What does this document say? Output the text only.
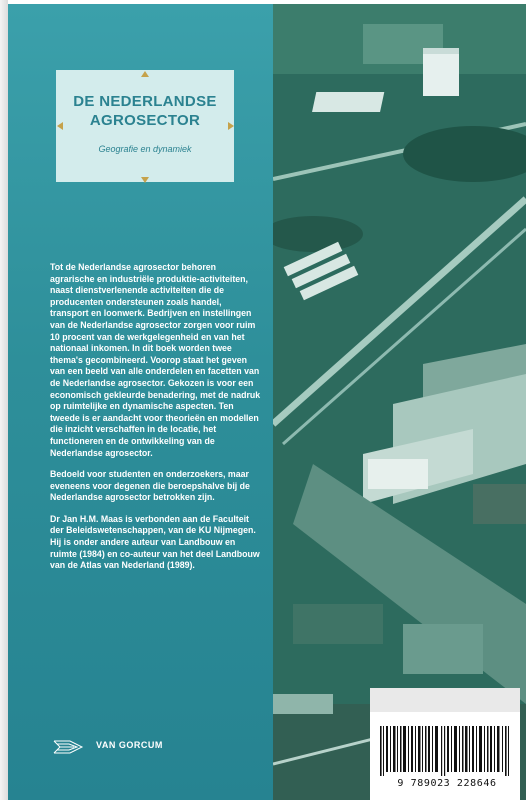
DE NEDERLANDSE
AGROSECTOR
Geografie en dynamiek

Tot de Nederlandse agrosector behoren agrarische en industriële produktie-activiteiten, naast dienstverlenende activiteiten die de producenten ondersteunen zoals handel, transport en loonwerk. Bedrijven en instellingen van de Nederlandse agrosector zorgen voor ruim 10 procent van de werkgelegenheid en van het nationaal inkomen. In dit boek worden twee thema's gecombineerd. Voorop staat het geven van een beeld van alle onderdelen en facetten van de Nederlandse agrosector. Gekozen is voor een economisch gekleurde benadering, met de nadruk op ruimtelijke en dynamische aspecten. Ten tweede is er aandacht voor theorieën en modellen die inzicht verschaffen in de locatie, het functioneren en de ontwikkeling van de Nederlandse agrosector.

Bedoeld voor studenten en onderzoekers, maar eveneens voor degenen die beroepshalve bij de Nederlandse agrosector betrokken zijn.

Dr Jan H.M. Maas is verbonden aan de Faculteit der Beleidswetenschappen, van de KU Nijmegen. Hij is onder andere auteur van Landbouw en ruimte (1984) en co-auteur van het deel Landbouw van de Atlas van Nederland (1989).

VAN GORCUM
9 789023 228646
